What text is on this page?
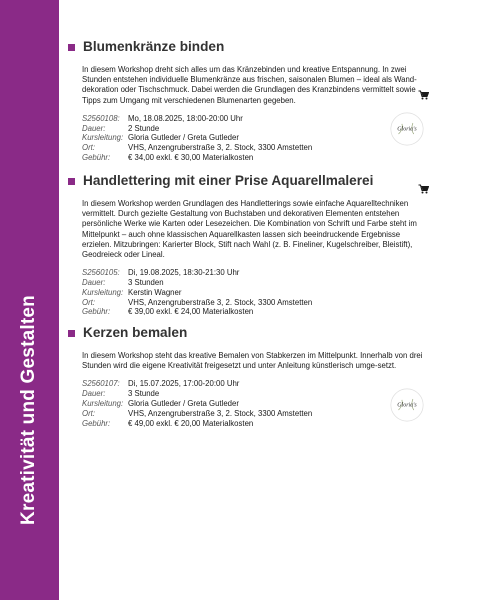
Kreativität und Gestalten
Blumenkränze binden

In diesem Workshop dreht sich alles um das Kränzebinden und kreative Entspannung. In zwei Stunden entstehen individuelle Blumenkränze aus frischen, saisonalen Blumen – ideal als Wand-dekoration oder Tischschmuck. Dabei werden die Grundlagen des Kranzbindens vermittelt sowie Tipps zum Umgang mit verschiedenen Blumenarten gegeben.

S2560108:	Mo, 18.08.2025, 18:00-20:00 Uhr
Dauer:	2 Stunde
Kursleitung:	Gloria Gutleder / Greta Gutleder
Ort:	VHS, Anzengruberstraße 3, 2. Stock, 3300 Amstetten
Gebühr:	€ 34,00 exkl. € 30,00 Materialkosten
Handlettering mit einer Prise Aquarellmalerei

In diesem Workshop werden Grundlagen des Handletterings sowie einfache Aquarelltechniken vermittelt. Durch gezielte Gestaltung von Buchstaben und dekorativen Elementen entstehen persönliche Werke wie Karten oder Lesezeichen. Die Kombination von Schrift und Farbe steht im Mittelpunkt – auch ohne klassischen Aquarellkasten lassen sich beeindruckende Ergebnisse erzielen. Mitzubringen: Karierter Block, Stift nach Wahl (z. B. Fineliner, Kugelschreiber, Bleistift), Geodreieck oder Lineal.

S2560105:	Di, 19.08.2025, 18:30-21:30 Uhr
Dauer:	3 Stunden
Kursleitung:	Kerstin Wagner
Ort:	VHS, Anzengruberstraße 3, 2. Stock, 3300 Amstetten
Gebühr:	€ 39,00 exkl. € 24,00 Materialkosten
Kerzen bemalen

In diesem Workshop steht das kreative Bemalen von Stabkerzen im Mittelpunkt. Innerhalb von drei Stunden wird die eigene Kreativität freigesetzt und unter Anleitung künstlerisch umge-setzt.

S2560107:	Di, 15.07.2025, 17:00-20:00 Uhr
Dauer:	3 Stunde
Kursleitung:	Gloria Gutleder / Greta Gutleder
Ort:	VHS, Anzengruberstraße 3, 2. Stock, 3300 Amstetten
Gebühr:	€ 49,00 exkl. € 20,00 Materialkosten
Gloria's
Gloria's
